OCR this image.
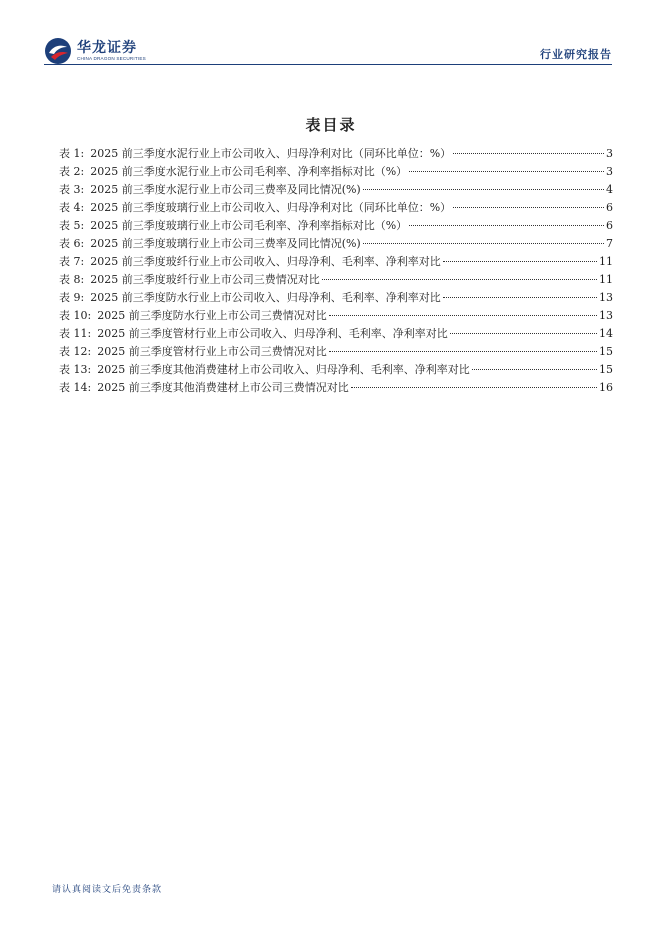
华龙证券
CHINA DRAGON SECURITIES	行业研究报告
表目录
表 1: 2025 前三季度水泥行业上市公司收入、归母净利对比（同环比单位：%）	3
表 2: 2025 前三季度水泥行业上市公司毛利率、净利率指标对比（%）	3
表 3: 2025 前三季度水泥行业上市公司三费率及同比情况(%)	4
表 4: 2025 前三季度玻璃行业上市公司收入、归母净利对比（同环比单位：%）	6
表 5: 2025 前三季度玻璃行业上市公司毛利率、净利率指标对比（%）	6
表 6: 2025 前三季度玻璃行业上市公司三费率及同比情况(%)	7
表 7: 2025 前三季度玻纤行业上市公司收入、归母净利、毛利率、净利率对比	11
表 8: 2025 前三季度玻纤行业上市公司三费情况对比	11
表 9: 2025 前三季度防水行业上市公司收入、归母净利、毛利率、净利率对比	13
表 10: 2025 前三季度防水行业上市公司三费情况对比	13
表 11: 2025 前三季度管材行业上市公司收入、归母净利、毛利率、净利率对比	14
表 12: 2025 前三季度管材行业上市公司三费情况对比	15
表 13: 2025 前三季度其他消费建材上市公司收入、归母净利、毛利率、净利率对比	15
表 14: 2025 前三季度其他消费建材上市公司三费情况对比	16
请认真阅读文后免责条款
